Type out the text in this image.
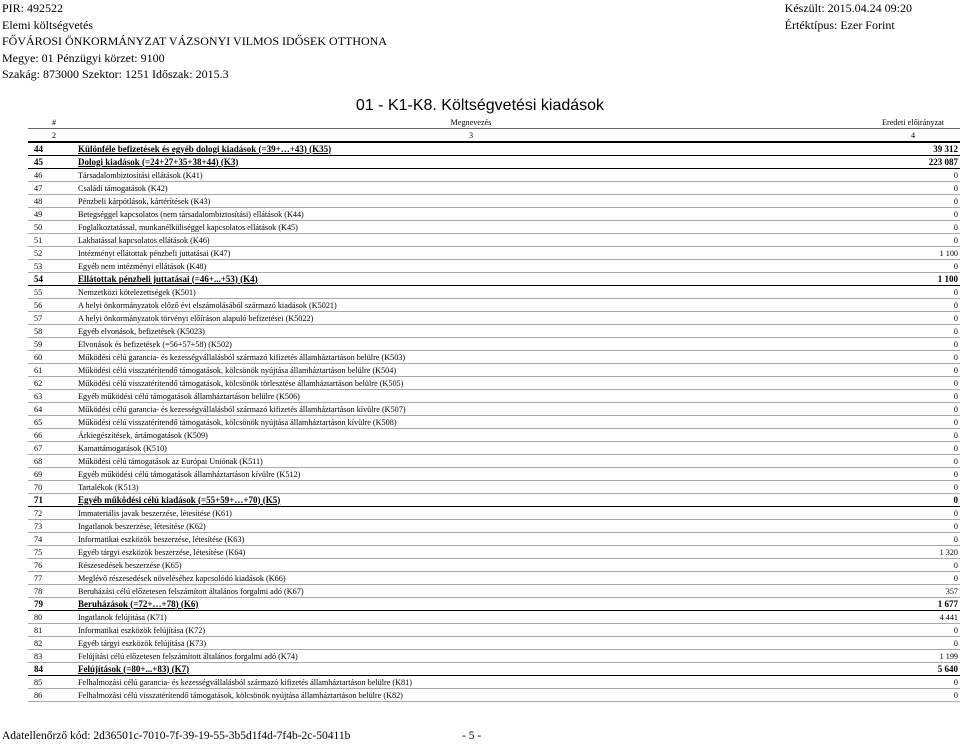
PIR: 492522
Elemi költségvetés
FŐVÁROSI ÖNKORMÁNYZAT VÁZSONYI VILMOS IDŐSEK OTTHONA
Megye: 01 Pénzügyi körzet: 9100
Szakág: 873000 Szektor: 1251 Időszak: 2015.3
Készült: 2015.04.24 09:20
Értéktípus: Ezer Forint
01 - K1-K8. Költségvetési kiadások
#	Megnevezés	Eredeti előirányzat
2	3	4
44	Különféle befizetések és egyéb dologi kiadások (=39+…+43) (K35)	39 312
45	Dologi kiadások (=24+27+35+38+44) (K3)	223 087
46	Társadalombiztosítási ellátások (K41)	0
47	Családi támogatások (K42)	0
48	Pénzbeli kárpótlások, kártérítések (K43)	0
49	Betegséggel kapcsolatos (nem társadalombiztosítási) ellátások (K44)	0
50	Foglalkoztatással, munkanélküliséggel kapcsolatos ellátások (K45)	0
51	Lakhatással kapcsolatos ellátások (K46)	0
52	Intézményi ellátottak pénzbeli juttatásai (K47)	1 100
53	Egyéb nem intézményi ellátások (K48)	0
54	Ellátottak pénzbeli juttatásai (=46+...+53) (K4)	1 100
55	Nemzetközi kötelezettségek (K501)	0
56	A helyi önkormányzatok előző évi elszámolásából származó kiadások (K5021)	0
57	A helyi önkormányzatok törvényi előíráson alapuló befizetései (K5022)	0
58	Egyéb elvonások, befizetések (K5023)	0
59	Elvonások és befizetések (=56+57+58) (K502)	0
60	Működési célú garancia- és kezességvállalásból származó kifizetés államháztartáson belülre (K503)	0
61	Működési célú visszatérítendő támogatások, kölcsönök nyújtása államháztartáson belülre (K504)	0
62	Működési célú visszatérítendő támogatások, kölcsönök törlesztése államháztartáson belülre (K505)	0
63	Egyéb működési célú támogatások államháztartáson belülre (K506)	0
64	Működési célú garancia- és kezességvállalásból származó kifizetés államháztartáson kívülre (K507)	0
65	Működési célú visszatérítendő támogatások, kölcsönök nyújtása államháztartáson kívülre (K508)	0
66	Árkiegészítések, ártámogatások (K509)	0
67	Kamattámogatások (K510)	0
68	Működési célú támogatások az Európai Uniónak (K511)	0
69	Egyéb működési célú támogatások államháztartáson kívülre (K512)	0
70	Tartalékok (K513)	0
71	Egyéb működési célú kiadások (=55+59+…+70) (K5)	0
72	Immateriális javak beszerzése, létesítése (K61)	0
73	Ingatlanok beszerzése, létesítése (K62)	0
74	Informatikai eszközök beszerzése, létesítése (K63)	0
75	Egyéb tárgyi eszközök beszerzése, létesítése (K64)	1 320
76	Részesedések beszerzése (K65)	0
77	Meglévő részesedések növeléséhez kapcsolódó kiadások (K66)	0
78	Beruházási célú előzetesen felszámított általános forgalmi adó (K67)	357
79	Beruházások (=72+…+78) (K6)	1 677
80	Ingatlanok felújítása (K71)	4 441
81	Informatikai eszközök felújítása (K72)	0
82	Egyéb tárgyi eszközök felújítása (K73)	0
83	Felújítási célú előzetesen felszámított általános forgalmi adó (K74)	1 199
84	Felújítások (=80+...+83) (K7)	5 640
85	Felhalmozási célú garancia- és kezességvállalásból származó kifizetés államháztartáson belülre (K81)	0
86	Felhalmozási célú visszatérítendő támogatások, kölcsönök nyújtása államháztartáson belülre (K82)	0
Adatellenőrző kód: 2d36501c-7010-7f-39-19-55-3b5d1f4d-7f4b-2c-50411b	- 5 -
